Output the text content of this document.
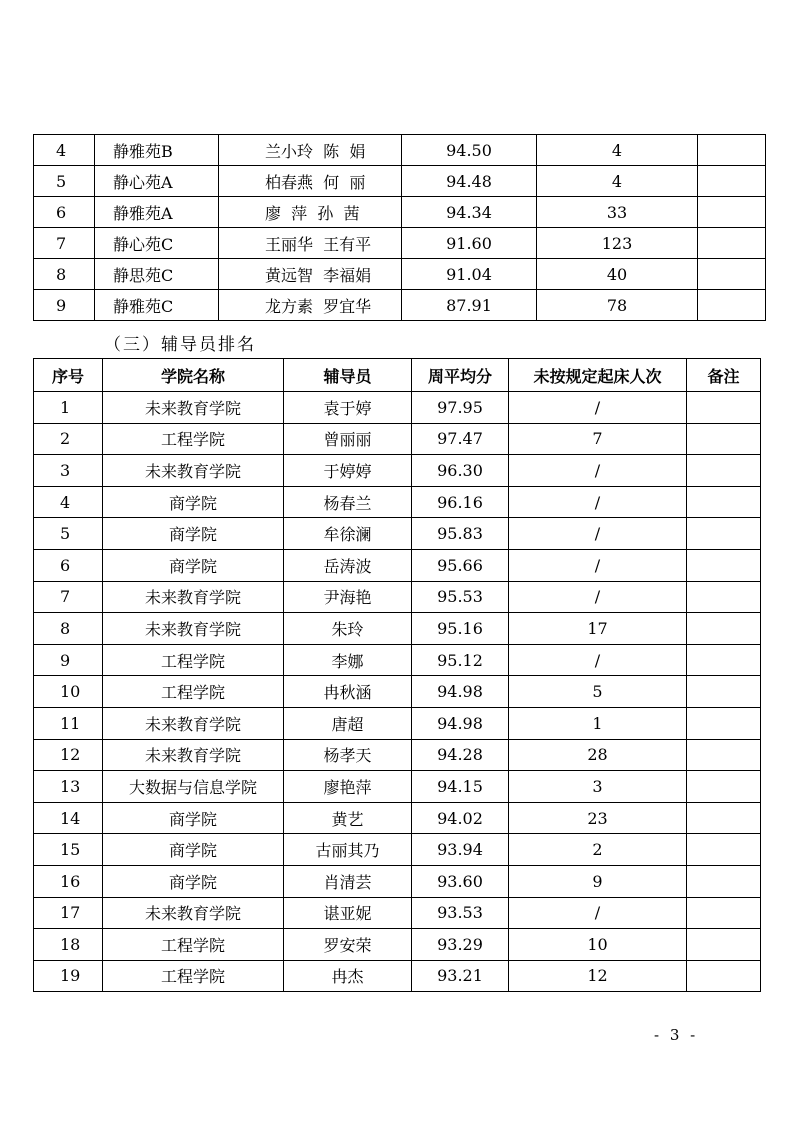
4	静雅苑B	兰小玲  陈  娟	94.50	4	
5	静心苑A	柏春燕  何  丽	94.48	4	
6	静雅苑A	廖  萍  孙  茜	94.34	33	
7	静心苑C	王丽华  王有平	91.60	123	
8	静思苑C	黄远智  李福娟	91.04	40	
9	静雅苑C	龙方素  罗宜华	87.91	78	
（三）辅导员排名
序号	学院名称	辅导员	周平均分	未按规定起床人次	备注
1	未来教育学院	袁于婷	97.95	/	
2	工程学院	曾丽丽	97.47	7	
3	未来教育学院	于婷婷	96.30	/	
4	商学院	杨春兰	96.16	/	
5	商学院	牟徐澜	95.83	/	
6	商学院	岳涛波	95.66	/	
7	未来教育学院	尹海艳	95.53	/	
8	未来教育学院	朱玲	95.16	17	
9	工程学院	李娜	95.12	/	
10	工程学院	冉秋涵	94.98	5	
11	未来教育学院	唐超	94.98	1	
12	未来教育学院	杨孝天	94.28	28	
13	大数据与信息学院	廖艳萍	94.15	3	
14	商学院	黄艺	94.02	23	
15	商学院	古丽其乃	93.94	2	
16	商学院	肖清芸	93.60	9	
17	未来教育学院	谌亚妮	93.53	/	
18	工程学院	罗安荣	93.29	10	
19	工程学院	冉杰	93.21	12	
- 3 -
